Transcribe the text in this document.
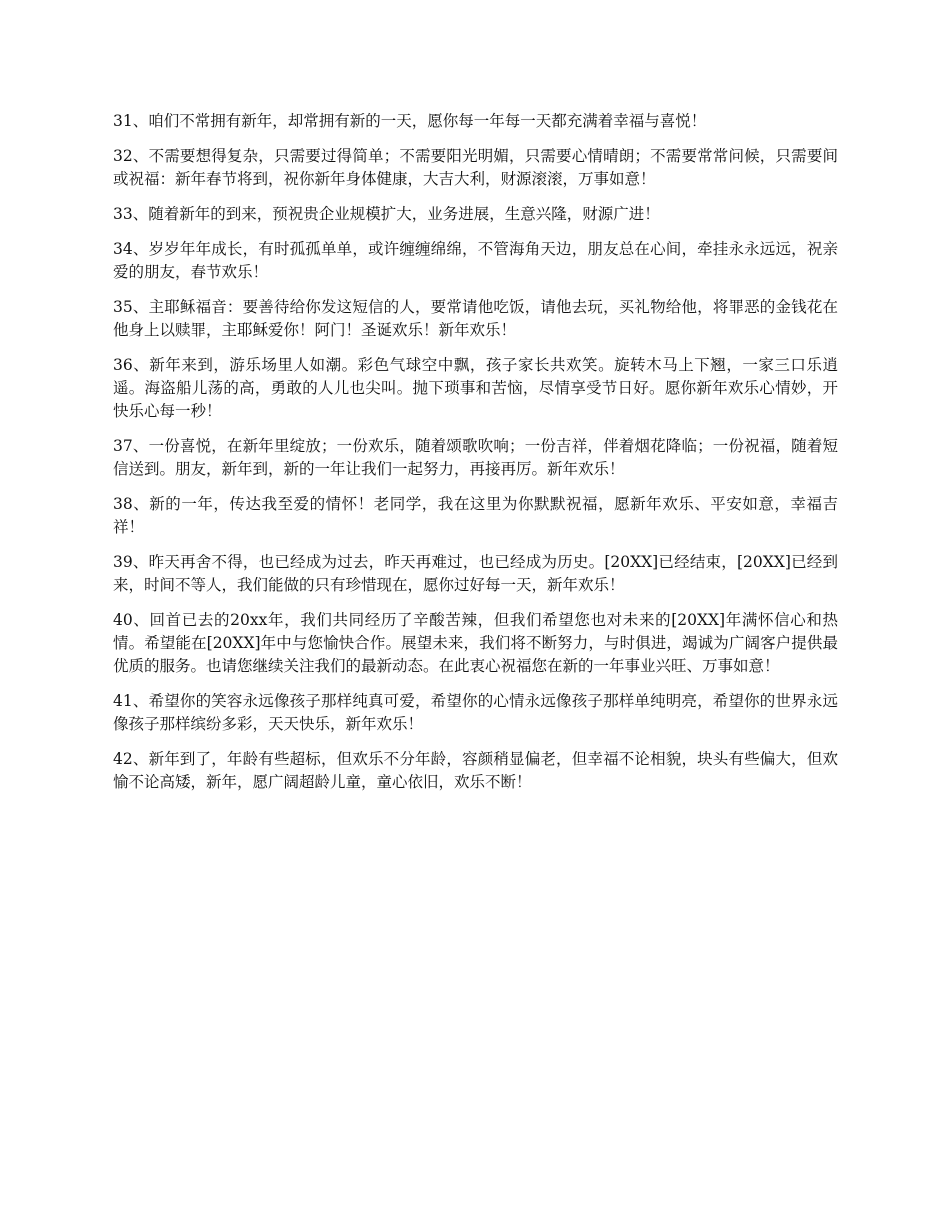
31、咱们不常拥有新年，却常拥有新的一天，愿你每一年每一天都充满着幸福与喜悦！

32、不需要想得复杂，只需要过得简单；不需要阳光明媚，只需要心情晴朗；不需要常常问候，只需要间或祝福：新年春节将到，祝你新年身体健康，大吉大利，财源滚滚，万事如意！

33、随着新年的到来，预祝贵企业规模扩大，业务进展，生意兴隆，财源广进！

34、岁岁年年成长，有时孤孤单单，或许缠缠绵绵，不管海角天边，朋友总在心间，牵挂永永远远，祝亲爱的朋友，春节欢乐！

35、主耶稣福音：要善待给你发这短信的人，要常请他吃饭，请他去玩，买礼物给他，将罪恶的金钱花在他身上以赎罪，主耶稣爱你！阿门！圣诞欢乐！新年欢乐！

36、新年来到，游乐场里人如潮。彩色气球空中飘，孩子家长共欢笑。旋转木马上下翘，一家三口乐逍遥。海盗船儿荡的高，勇敢的人儿也尖叫。抛下琐事和苦恼，尽情享受节日好。愿你新年欢乐心情妙，开快乐心每一秒！

37、一份喜悦，在新年里绽放；一份欢乐，随着颂歌吹响；一份吉祥，伴着烟花降临；一份祝福，随着短信送到。朋友，新年到，新的一年让我们一起努力，再接再厉。新年欢乐！

38、新的一年，传达我至爱的情怀！老同学，我在这里为你默默祝福，愿新年欢乐、平安如意，幸福吉祥！

39、昨天再舍不得，也已经成为过去，昨天再难过，也已经成为历史。[20XX]已经结束，[20XX]已经到来，时间不等人，我们能做的只有珍惜现在，愿你过好每一天，新年欢乐！

40、回首已去的20xx年，我们共同经历了辛酸苦辣，但我们希望您也对未来的[20XX]年满怀信心和热情。希望能在[20XX]年中与您愉快合作。展望未来，我们将不断努力，与时俱进，竭诚为广阔客户提供最优质的服务。也请您继续关注我们的最新动态。在此衷心祝福您在新的一年事业兴旺、万事如意！

41、希望你的笑容永远像孩子那样纯真可爱，希望你的心情永远像孩子那样单纯明亮，希望你的世界永远像孩子那样缤纷多彩，天天快乐，新年欢乐！

42、新年到了，年龄有些超标，但欢乐不分年龄，容颜稍显偏老，但幸福不论相貌，块头有些偏大，但欢愉不论高矮，新年，愿广阔超龄儿童，童心依旧，欢乐不断！
